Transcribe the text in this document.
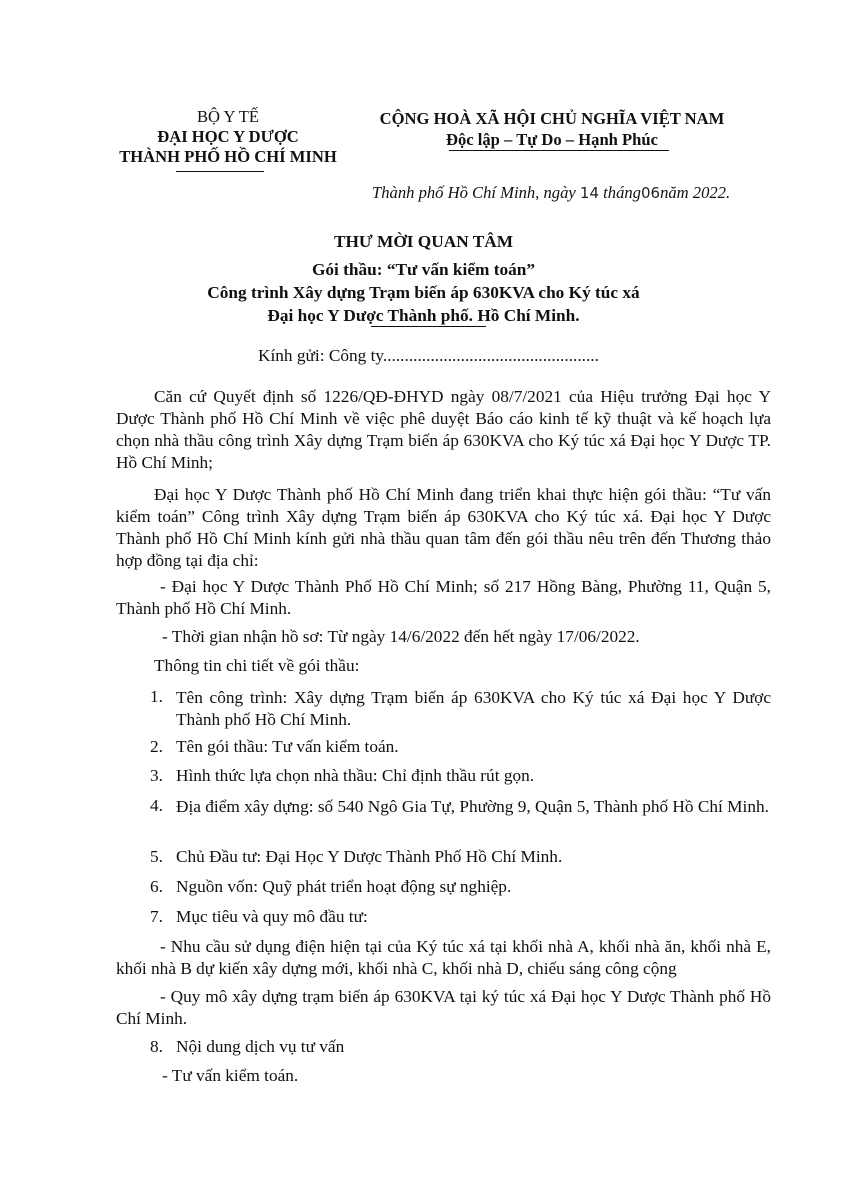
BỘ Y TẾ
ĐẠI HỌC Y DƯỢC
THÀNH PHỐ HỒ CHÍ MINH
CỘNG HOÀ XÃ HỘI CHỦ NGHĨA VIỆT NAM
Độc lập – Tự Do – Hạnh Phúc
Thành phố Hồ Chí Minh, ngày 14 tháng06năm 2022.
THƯ MỜI QUAN TÂM
Gói thầu: “Tư vấn kiểm toán”
Công trình Xây dựng Trạm biến áp 630KVA cho Ký túc xá
Đại học Y Dược Thành phố. Hồ Chí Minh.
Kính gửi: Công ty..................................................
Căn cứ Quyết định số 1226/QĐ-ĐHYD ngày 08/7/2021 của Hiệu trưởng Đại học Y Dược Thành phố Hồ Chí Minh về việc phê duyệt Báo cáo kinh tế kỹ thuật và kế hoạch lựa chọn nhà thầu công trình Xây dựng Trạm biến áp 630KVA cho Ký túc xá Đại học Y Dược TP. Hồ Chí Minh;
Đại học Y Dược Thành phố Hồ Chí Minh đang triển khai thực hiện gói thầu: “Tư vấn kiểm toán” Công trình Xây dựng Trạm biến áp 630KVA cho Ký túc xá. Đại học Y Dược Thành phố Hồ Chí Minh kính gửi nhà thầu quan tâm đến gói thầu nêu trên đến Thương thảo hợp đồng tại địa chỉ:
- Đại học Y Dược Thành Phố Hồ Chí Minh; số 217 Hồng Bàng, Phường 11, Quận 5, Thành phố Hồ Chí Minh.
- Thời gian nhận hồ sơ: Từ ngày 14/6/2022 đến hết ngày 17/06/2022.
Thông tin chi tiết về gói thầu:
1. Tên công trình: Xây dựng Trạm biến áp 630KVA cho Ký túc xá Đại học Y Dược Thành phố Hồ Chí Minh.
2. Tên gói thầu: Tư vấn kiểm toán.
3. Hình thức lựa chọn nhà thầu: Chỉ định thầu rút gọn.
4. Địa điểm xây dựng: số 540 Ngô Gia Tự, Phường 9, Quận 5, Thành phố Hồ Chí Minh.
5. Chủ Đầu tư: Đại Học Y Dược Thành Phố Hồ Chí Minh.
6. Nguồn vốn: Quỹ phát triển hoạt động sự nghiệp.
7. Mục tiêu và quy mô đầu tư:
- Nhu cầu sử dụng điện hiện tại của Ký túc xá tại khối nhà A, khối nhà ăn, khối nhà E, khối nhà B dự kiến xây dựng mới, khối nhà C, khối nhà D, chiếu sáng công cộng
- Quy mô xây dựng trạm biến áp 630KVA tại ký túc xá Đại học Y Dược Thành phố Hồ Chí Minh.
8. Nội dung dịch vụ tư vấn
- Tư vấn kiểm toán.
